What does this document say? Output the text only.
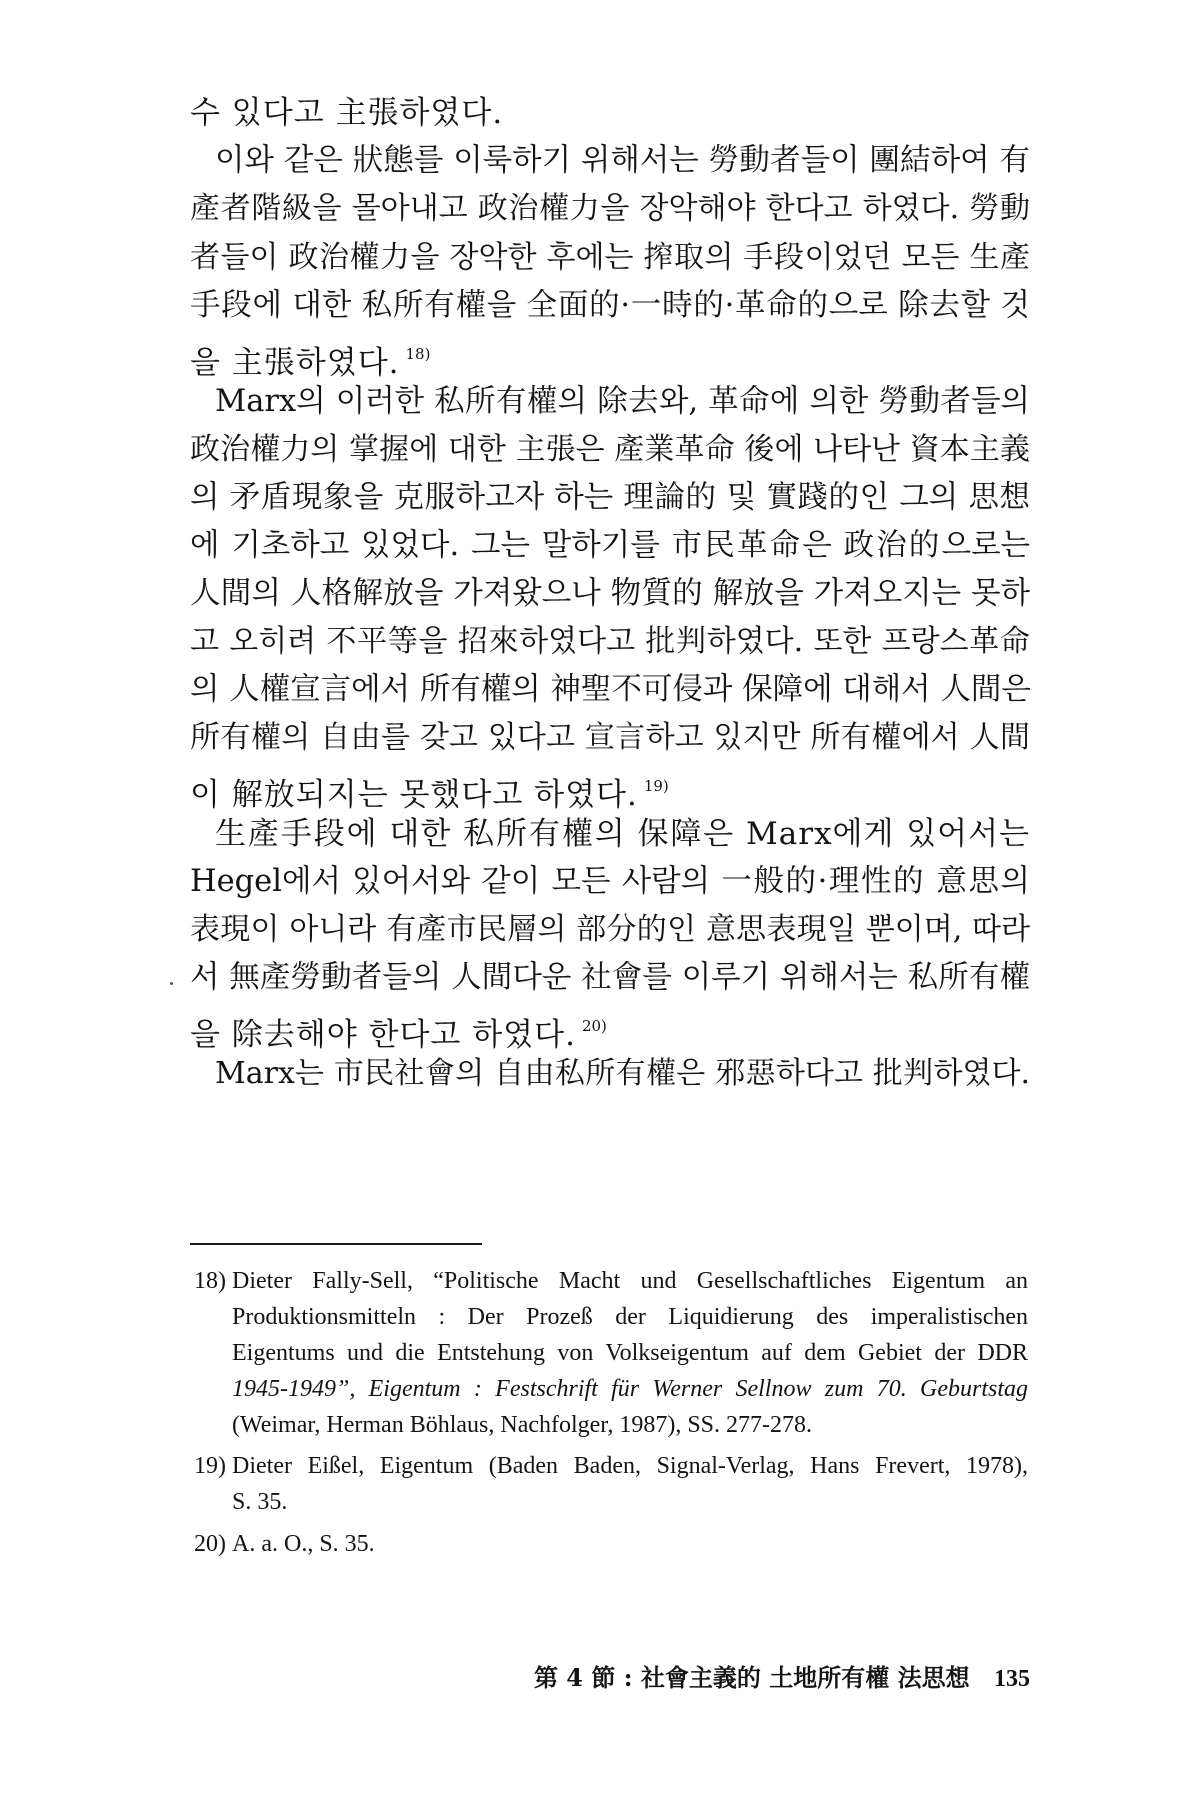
수 있다고 主張하였다.
이와 같은 狀態를 이룩하기 위해서는 勞動者들이 團結하여 有
產者階級을 몰아내고 政治權力을 장악해야 한다고 하였다. 勞動
者들이 政治權力을 장악한 후에는 搾取의 手段이었던 모든 生產
手段에 대한 私所有權을 全面的·一時的·革命的으로 除去할 것
을 主張하였다. $^{18)}$
Marx의 이러한 私所有權의 除去와, 革命에 의한 勞動者들의
政治權力의 掌握에 대한 主張은 產業革命 後에 나타난 資本主義
의 矛盾現象을 克服하고자 하는 理論的 및 實踐的인 그의 思想
에 기초하고 있었다. 그는 말하기를 市民革命은 政治的으로는
人間의 人格解放을 가져왔으나 物質的 解放을 가져오지는 못하
고 오히려 不平等을 招來하였다고 批判하였다. 또한 프랑스革命
의 人權宣言에서 所有權의 神聖不可侵과 保障에 대해서 人間은
所有權의 自由를 갖고 있다고 宣言하고 있지만 所有權에서 人間
이 解放되지는 못했다고 하였다. $^{19)}$
生產手段에 대한 私所有權의 保障은 Marx에게 있어서는
Hegel에서 있어서와 같이 모든 사람의 一般的·理性的 意思의
表現이 아니라 有產市民層의 部分的인 意思表現일 뿐이며, 따라
서 無產勞動者들의 人間다운 社會를 이루기 위해서는 私所有權
을 除去해야 한다고 하였다. $^{20)}$
Marx는 市民社會의 自由私所有權은 邪惡하다고 批判하였다.
18) Dieter Fally-Sell, “Politische Macht und Gesellschaftliches Eigentum an
Produktionsmitteln : Der Prozeß der Liquidierung des imperalistischen
Eigentums und die Entstehung von Volkseigentum auf dem Gebiet der DDR
1945-1949”, Eigentum : Festschrift für Werner Sellnow zum 70. Geburtstag
(Weimar, Herman Böhlaus, Nachfolger, 1987), SS. 277-278.
19) Dieter Eißel, Eigentum (Baden Baden, Signal-Verlag, Hans Frevert, 1978),
S. 35.
20) A. a. O., S. 35.
第 4 節 : 社會主義的 土地所有權 法思想 135
